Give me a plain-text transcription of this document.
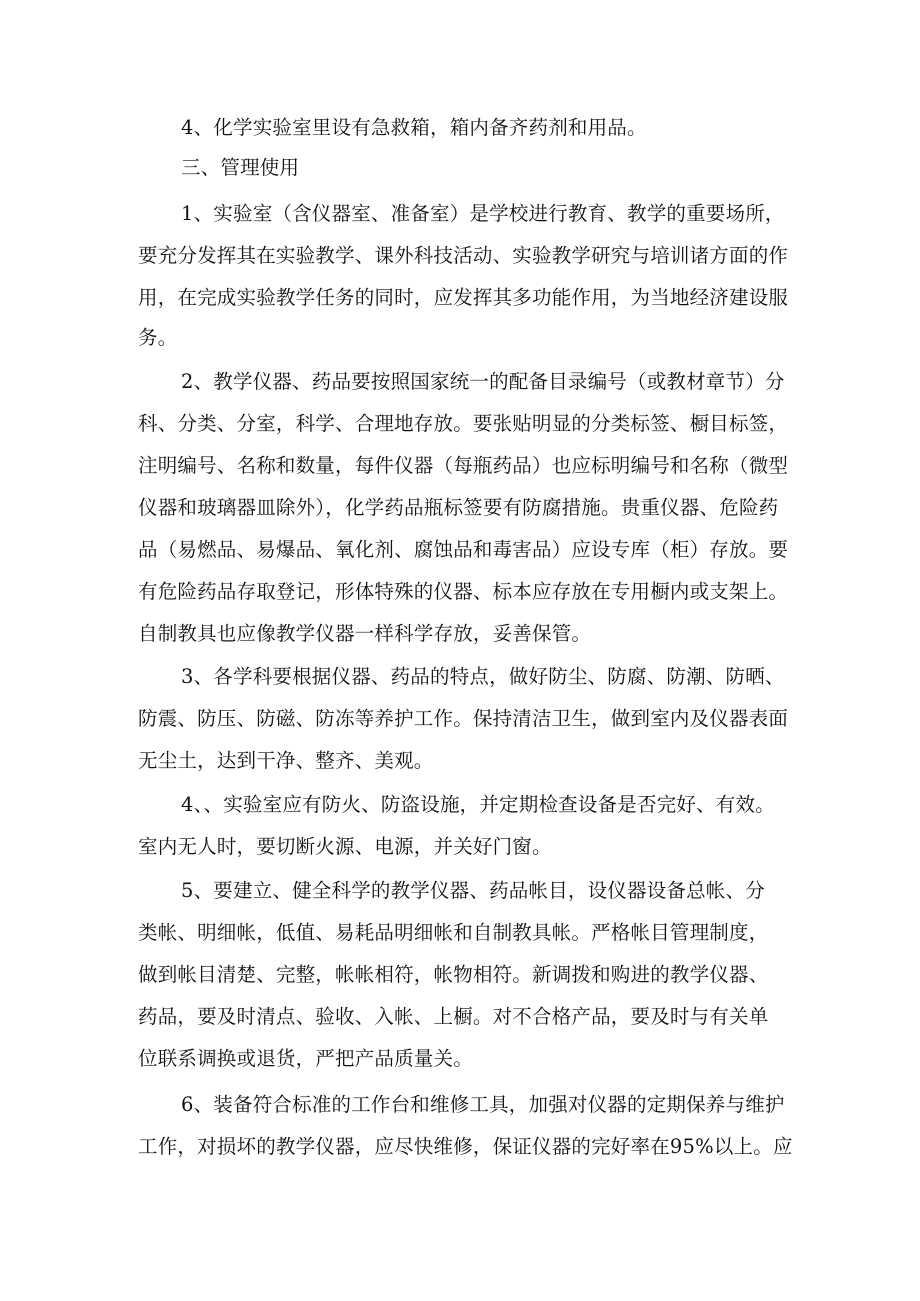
4、化学实验室里设有急救箱，箱内备齐药剂和用品。
三、管理使用
1、实验室（含仪器室、准备室）是学校进行教育、教学的重要场所，
要充分发挥其在实验教学、课外科技活动、实验教学研究与培训诸方面的作
用，在完成实验教学任务的同时，应发挥其多功能作用，为当地经济建设服
务。
2、教学仪器、药品要按照国家统一的配备目录编号（或教材章节）分
科、分类、分室，科学、合理地存放。要张贴明显的分类标签、橱目标签，
注明编号、名称和数量，每件仪器（每瓶药品）也应标明编号和名称（微型
仪器和玻璃器皿除外），化学药品瓶标签要有防腐措施。贵重仪器、危险药
品（易燃品、易爆品、氧化剂、腐蚀品和毒害品）应设专库（柜）存放。要
有危险药品存取登记，形体特殊的仪器、标本应存放在专用橱内或支架上。
自制教具也应像教学仪器一样科学存放，妥善保管。
3、各学科要根据仪器、药品的特点，做好防尘、防腐、防潮、防晒、
防震、防压、防磁、防冻等养护工作。保持清洁卫生，做到室内及仪器表面
无尘土，达到干净、整齐、美观。
4、、实验室应有防火、防盗设施，并定期检查设备是否完好、有效。
室内无人时，要切断火源、电源，并关好门窗。
5、要建立、健全科学的教学仪器、药品帐目，设仪器设备总帐、分
类帐、明细帐，低值、易耗品明细帐和自制教具帐。严格帐目管理制度，
做到帐目清楚、完整，帐帐相符，帐物相符。新调拨和购进的教学仪器、
药品，要及时清点、验收、入帐、上橱。对不合格产品，要及时与有关单
位联系调换或退货，严把产品质量关。
6、装备符合标准的工作台和维修工具，加强对仪器的定期保养与维护
工作，对损坏的教学仪器，应尽快维修，保证仪器的完好率在95%以上。应
